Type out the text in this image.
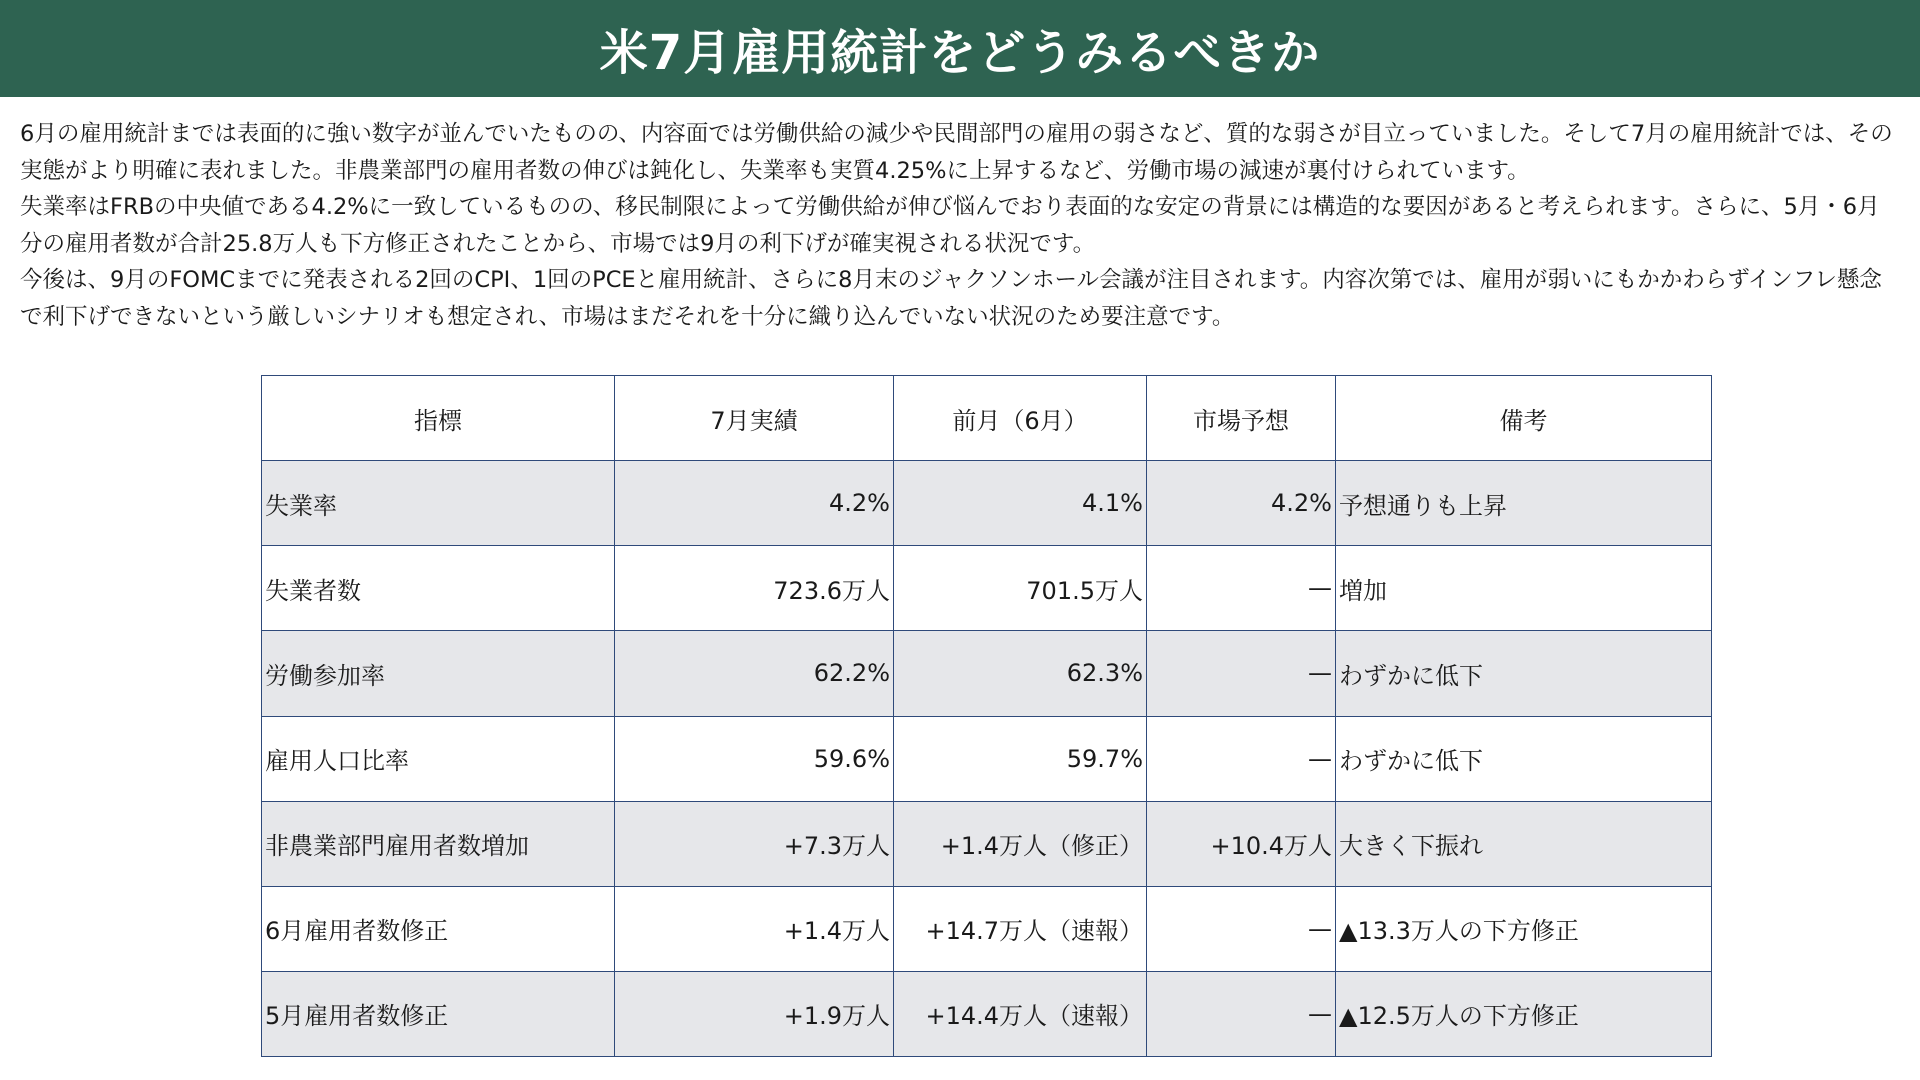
米7月雇用統計をどうみるべきか

6月の雇用統計までは表面的に強い数字が並んでいたものの、内容面では労働供給の減少や民間部門の雇用の弱さなど、質的な弱さが目立っていました。そして7月の雇用統計では、その実態がより明確に表れました。非農業部門の雇用者数の伸びは鈍化し、失業率も実質4.25%に上昇するなど、労働市場の減速が裏付けられています。

失業率はFRBの中央値である4.2%に一致しているものの、移民制限によって労働供給が伸び悩んでおり表面的な安定の背景には構造的な要因があると考えられます。さらに、5月・6月分の雇用者数が合計25.8万人も下方修正されたことから、市場では9月の利下げが確実視される状況です。

今後は、9月のFOMCまでに発表される2回のCPI、1回のPCEと雇用統計、さらに8月末のジャクソンホール会議が注目されます。内容次第では、雇用が弱いにもかかわらずインフレ懸念で利下げできないという厳しいシナリオも想定され、市場はまだそれを十分に織り込んでいない状況のため要注意です。

指標	7月実績	前月（6月）	市場予想	備考
失業率	4.2%	4.1%	4.2%	予想通りも上昇
失業者数	723.6万人	701.5万人	—	増加
労働参加率	62.2%	62.3%	—	わずかに低下
雇用人口比率	59.6%	59.7%	—	わずかに低下
非農業部門雇用者数増加	+7.3万人	+1.4万人（修正）	+10.4万人	大きく下振れ
6月雇用者数修正	+1.4万人	+14.7万人（速報）	—	▲13.3万人の下方修正
5月雇用者数修正	+1.9万人	+14.4万人（速報）	—	▲12.5万人の下方修正
